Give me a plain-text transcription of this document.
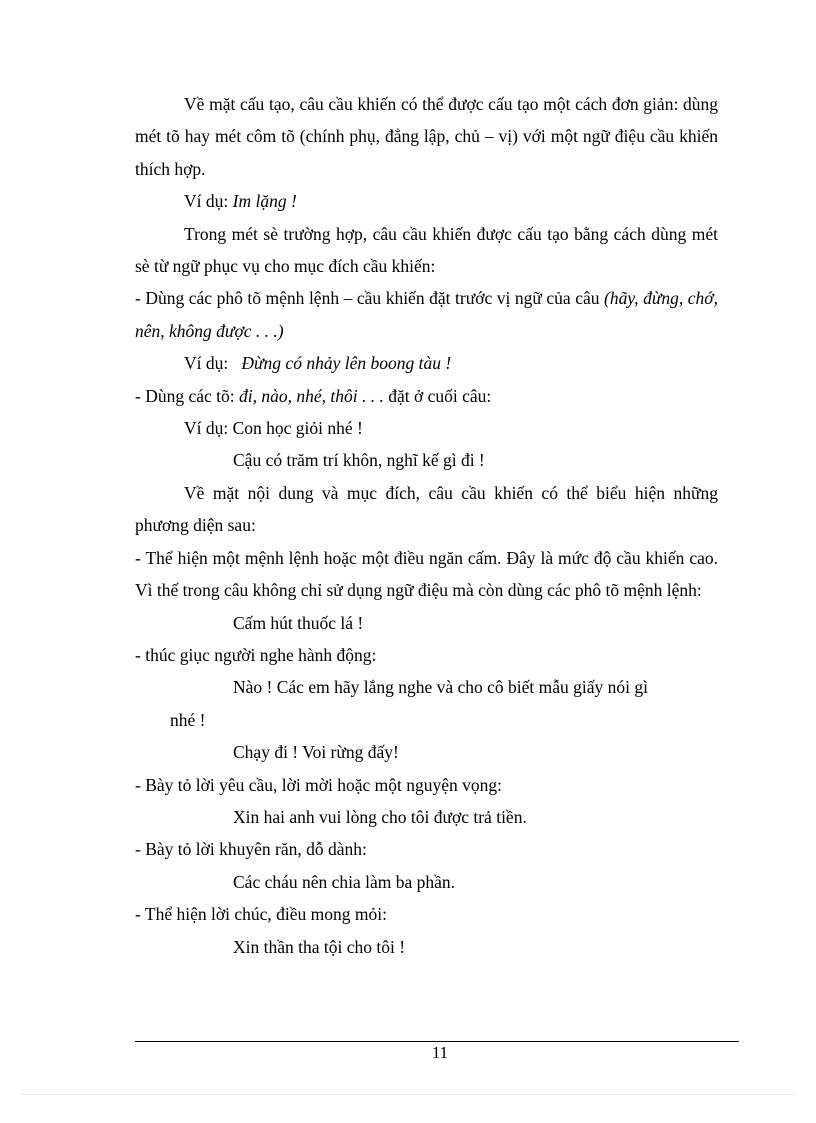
Về mặt cấu tạo, câu cầu khiến có thể được cấu tạo một cách đơn giản: dùng mét tõ hay mét côm tõ (chính phụ, đẳng lập, chủ – vị) với một ngữ điệu cầu khiến thích hợp.

Ví dụ: Im lặng !

Trong mét sè trường hợp, câu cầu khiến được cấu tạo bằng cách dùng mét sè từ ngữ phục vụ cho mục đích cầu khiến:

- Dùng các phô tõ mệnh lệnh – cầu khiến đặt trước vị ngữ của câu (hãy, đừng, chớ, nên, không được . . .)

Ví dụ:   Đừng có nhảy lên boong tàu !

- Dùng các tõ: đi, nào, nhé, thôi . . . đặt ở cuối câu:

Ví dụ: Con học giỏi nhé !

Cậu có trăm trí khôn, nghĩ kế gì đi !

Về mặt nội dung và mục đích, câu cầu khiến có thể biểu hiện những phương diện sau:

- Thể hiện một mệnh lệnh hoặc một điều ngăn cấm. Đây là mức độ cầu khiến cao. Vì thế trong câu không chỉ sử dụng ngữ điệu mà còn dùng các phô tõ mệnh lệnh:

Cấm hút thuốc lá !

- thúc giục người nghe hành động:

Nào ! Các em hãy lắng nghe và cho cô biết mẫu giấy nói gì

nhé !

Chạy đi ! Voi rừng đấy!

- Bày tỏ lời yêu cầu, lời mời hoặc một nguyện vọng:

Xin hai anh vui lòng cho tôi được trả tiền.

- Bày tỏ lời khuyên răn, dỗ dành:

Các cháu nên chia làm ba phần.

- Thể hiện lời chúc, điều mong mỏi:

Xin thần tha tội cho tôi !

11
